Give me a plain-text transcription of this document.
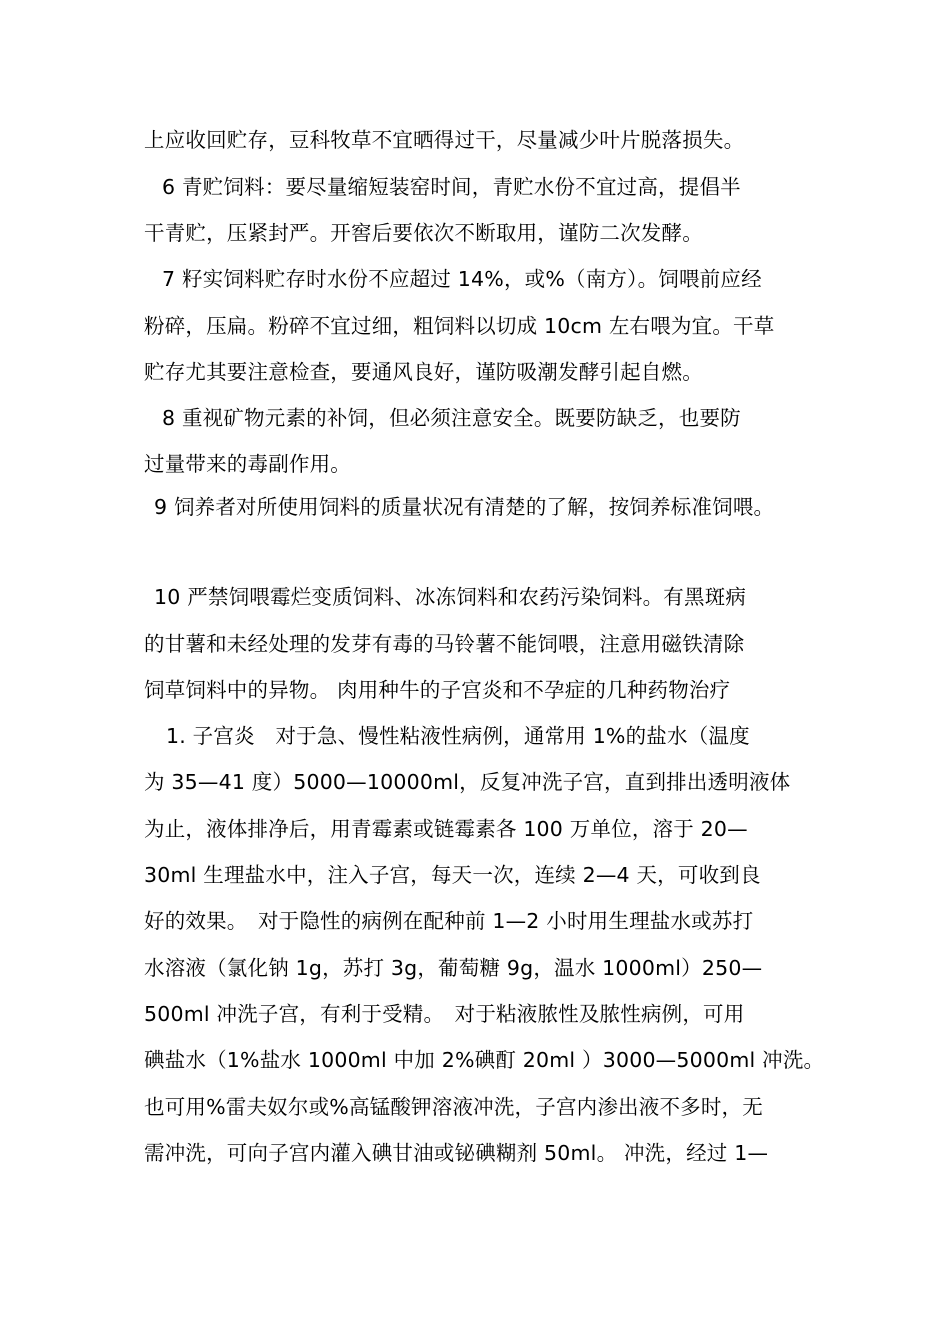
上应收回贮存，豆科牧草不宜晒得过干，尽量减少叶片脱落损失。
6 青贮饲料：要尽量缩短装窑时间，青贮水份不宜过高，提倡半
干青贮，压紧封严。开窖后要依次不断取用，谨防二次发酵。
7 籽实饲料贮存时水份不应超过 14%，或%（南方）。饲喂前应经
粉碎，压扁。粉碎不宜过细，粗饲料以切成 10cm 左右喂为宜。干草
贮存尤其要注意检查，要通风良好，谨防吸潮发酵引起自燃。
8 重视矿物元素的补饲，但必须注意安全。既要防缺乏，也要防
过量带来的毒副作用。
9 饲养者对所使用饲料的质量状况有清楚的了解，按饲养标准饲喂。
10 严禁饲喂霉烂变质饲料、冰冻饲料和农药污染饲料。有黑斑病
的甘薯和未经处理的发芽有毒的马铃薯不能饲喂，注意用磁铁清除
饲草饲料中的异物。 肉用种牛的子宫炎和不孕症的几种药物治疗
1. 子宫炎　对于急、慢性粘液性病例，通常用 1%的盐水（温度
为 35—41 度）5000—10000ml，反复冲洗子宫，直到排出透明液体
为止，液体排净后，用青霉素或链霉素各 100 万单位，溶于 20—
30ml 生理盐水中，注入子宫，每天一次，连续 2—4 天，可收到良
好的效果。　对于隐性的病例在配种前 1—2 小时用生理盐水或苏打
水溶液（氯化钠 1g，苏打 3g，葡萄糖 9g，温水 1000ml）250—
500ml 冲洗子宫，有利于受精。　对于粘液脓性及脓性病例，可用
碘盐水（1%盐水 1000ml 中加 2%碘酊 20ml ）3000—5000ml 冲洗。
也可用%雷夫奴尔或%高锰酸钾溶液冲洗，子宫内渗出液不多时，无
需冲洗，可向子宫内灌入碘甘油或铋碘糊剂 50ml。 冲洗，经过 1—
